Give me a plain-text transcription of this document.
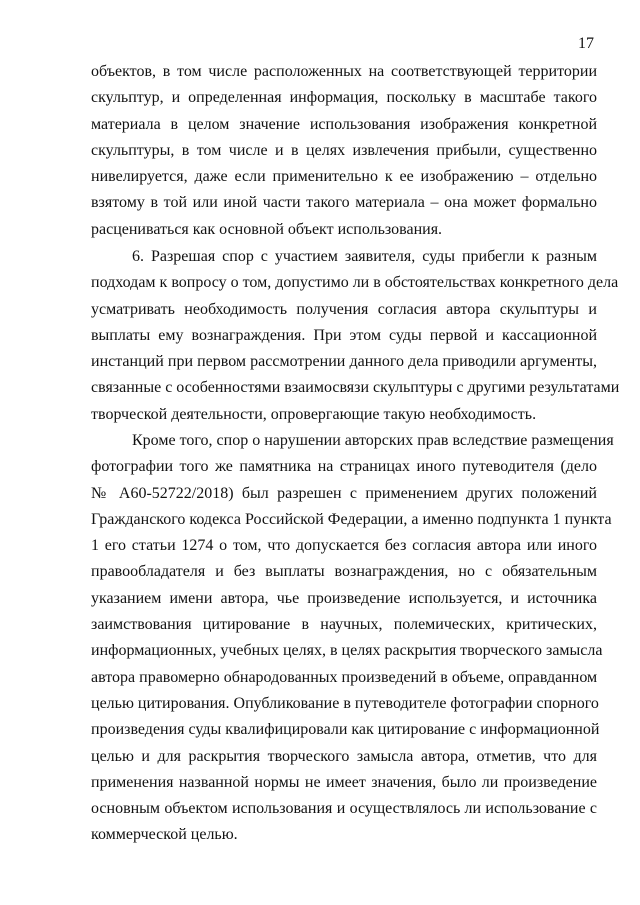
17
объектов, в том числе расположенных на соответствующей территории
скульптур, и определенная информация, поскольку в масштабе такого
материала в целом значение использования изображения конкретной
скульптуры, в том числе и в целях извлечения прибыли, существенно
нивелируется, даже если применительно к ее изображению – отдельно
взятому в той или иной части такого материала – она может формально
расцениваться как основной объект использования.
6. Разрешая спор с участием заявителя, суды прибегли к разным
подходам к вопросу о том, допустимо ли в обстоятельствах конкретного дела
усматривать необходимость получения согласия автора скульптуры и
выплаты ему вознаграждения. При этом суды первой и кассационной
инстанций при первом рассмотрении данного дела приводили аргументы,
связанные с особенностями взаимосвязи скульптуры с другими результатами
творческой деятельности, опровергающие такую необходимость.
Кроме того, спор о нарушении авторских прав вследствие размещения
фотографии того же памятника на страницах иного путеводителя (дело
№ А60-52722/2018) был разрешен с применением других положений
Гражданского кодекса Российской Федерации, а именно подпункта 1 пункта
1 его статьи 1274 о том, что допускается без согласия автора или иного
правообладателя и без выплаты вознаграждения, но с обязательным
указанием имени автора, чье произведение используется, и источника
заимствования цитирование в научных, полемических, критических,
информационных, учебных целях, в целях раскрытия творческого замысла
автора правомерно обнародованных произведений в объеме, оправданном
целью цитирования. Опубликование в путеводителе фотографии спорного
произведения суды квалифицировали как цитирование с информационной
целью и для раскрытия творческого замысла автора, отметив, что для
применения названной нормы не имеет значения, было ли произведение
основным объектом использования и осуществлялось ли использование с
коммерческой целью.
